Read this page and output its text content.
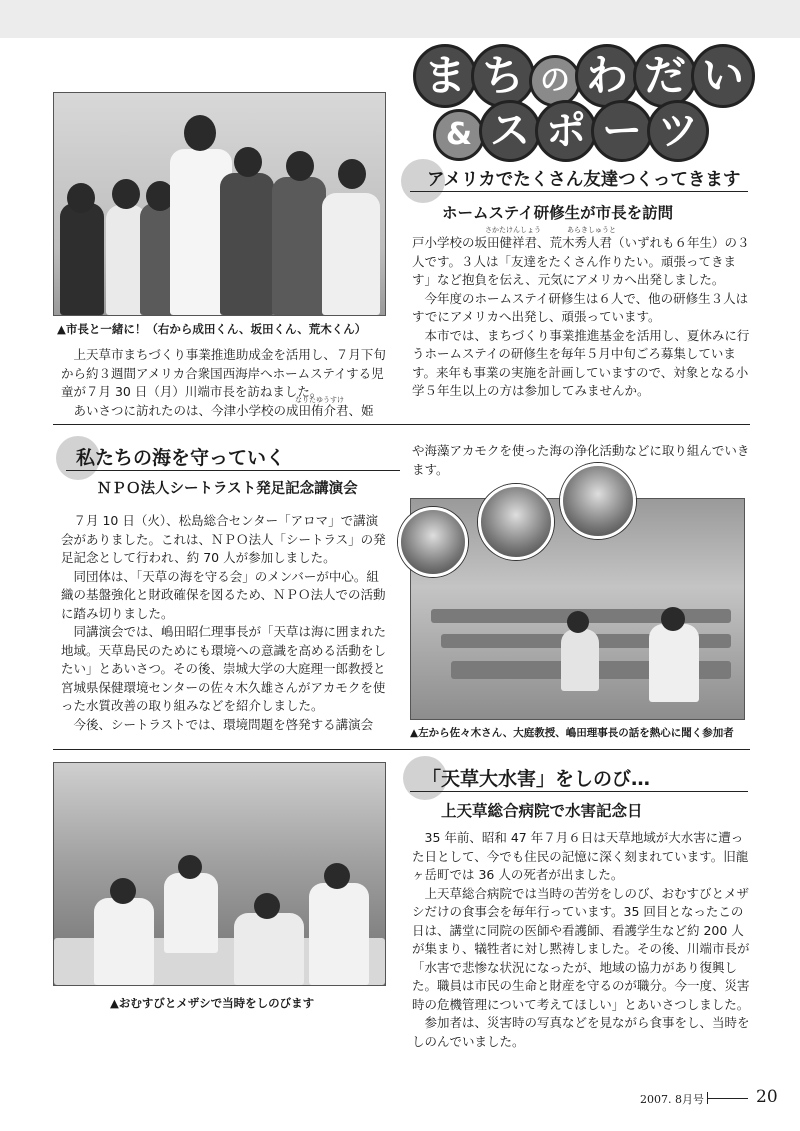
ま ち の わ だ い
& ス ポ ー ツ
▲市長と一緒に！（右から成田くん、坂田くん、荒木くん）
アメリカでたくさん友達つくってきます
ホームステイ研修生が市長を訪問
さかたけんしょう	あらきしゅうと
なりたゆうすけ

上天草市まちづくり事業推進助成金を活用し、７月下旬から約３週間アメリカ合衆国西海岸へホームステイする児童が７月 30 日（月）川端市長を訪ねました。

あいさつに訪れたのは、今津小学校の成田侑介君、姫

戸小学校の坂田健祥君、荒木秀人君（いずれも６年生）の３人です。３人は「友達をたくさん作りたい。頑張ってきます」など抱負を伝え、元気にアメリカへ出発しました。

今年度のホームステイ研修生は６人で、他の研修生３人はすでにアメリカへ出発し、頑張っています。

本市では、まちづくり事業推進基金を活用し、夏休みに行うホームステイの研修生を毎年５月中旬ごろ募集しています。来年も事業の実施を計画していますので、対象となる小学５年生以上の方は参加してみませんか。

私たちの海を守っていく
ＮＰＯ法人シートラスト発足記念講演会

７月 10 日（火）、松島総合センター「アロマ」で講演会がありました。これは、ＮＰＯ法人「シートラス」の発足記念として行われ、約 70 人が参加しました。

同団体は、「天草の海を守る会」のメンバーが中心。組織の基盤強化と財政確保を図るため、ＮＰＯ法人での活動に踏み切りました。

同講演会では、嶋田昭仁理事長が「天草は海に囲まれた地域。天草島民のためにも環境への意識を高める活動をしたい」とあいさつ。その後、崇城大学の大庭理一郎教授と宮城県保健環境センターの佐々木久雄さんがアカモクを使った水質改善の取り組みなどを紹介しました。

今後、シートラストでは、環境問題を啓発する講演会

や海藻アカモクを使った海の浄化活動などに取り組んでいきます。

▲左から佐々木さん、大庭教授、嶋田理事長の話を熱心に聞く参加者
▲おむすびとメザシで当時をしのびます
「天草大水害」をしのび…
上天草総合病院で水害記念日

35 年前、昭和 47 年７月６日は天草地域が大水害に遭った日として、今でも住民の記憶に深く刻まれています。旧龍ヶ岳町では 36 人の死者が出ました。

上天草総合病院では当時の苦労をしのび、おむすびとメザシだけの食事会を毎年行っています。35 回目となったこの日は、講堂に同院の医師や看護師、看護学生など約 200 人が集まり、犠牲者に対し黙祷しました。その後、川端市長が「水害で悲惨な状況になったが、地域の協力があり復興した。職員は市民の生命と財産を守るのが職分。今一度、災害時の危機管理について考えてほしい」とあいさつしました。

参加者は、災害時の写真などを見ながら食事をし、当時をしのんでいました。

2007. 8月号	20
